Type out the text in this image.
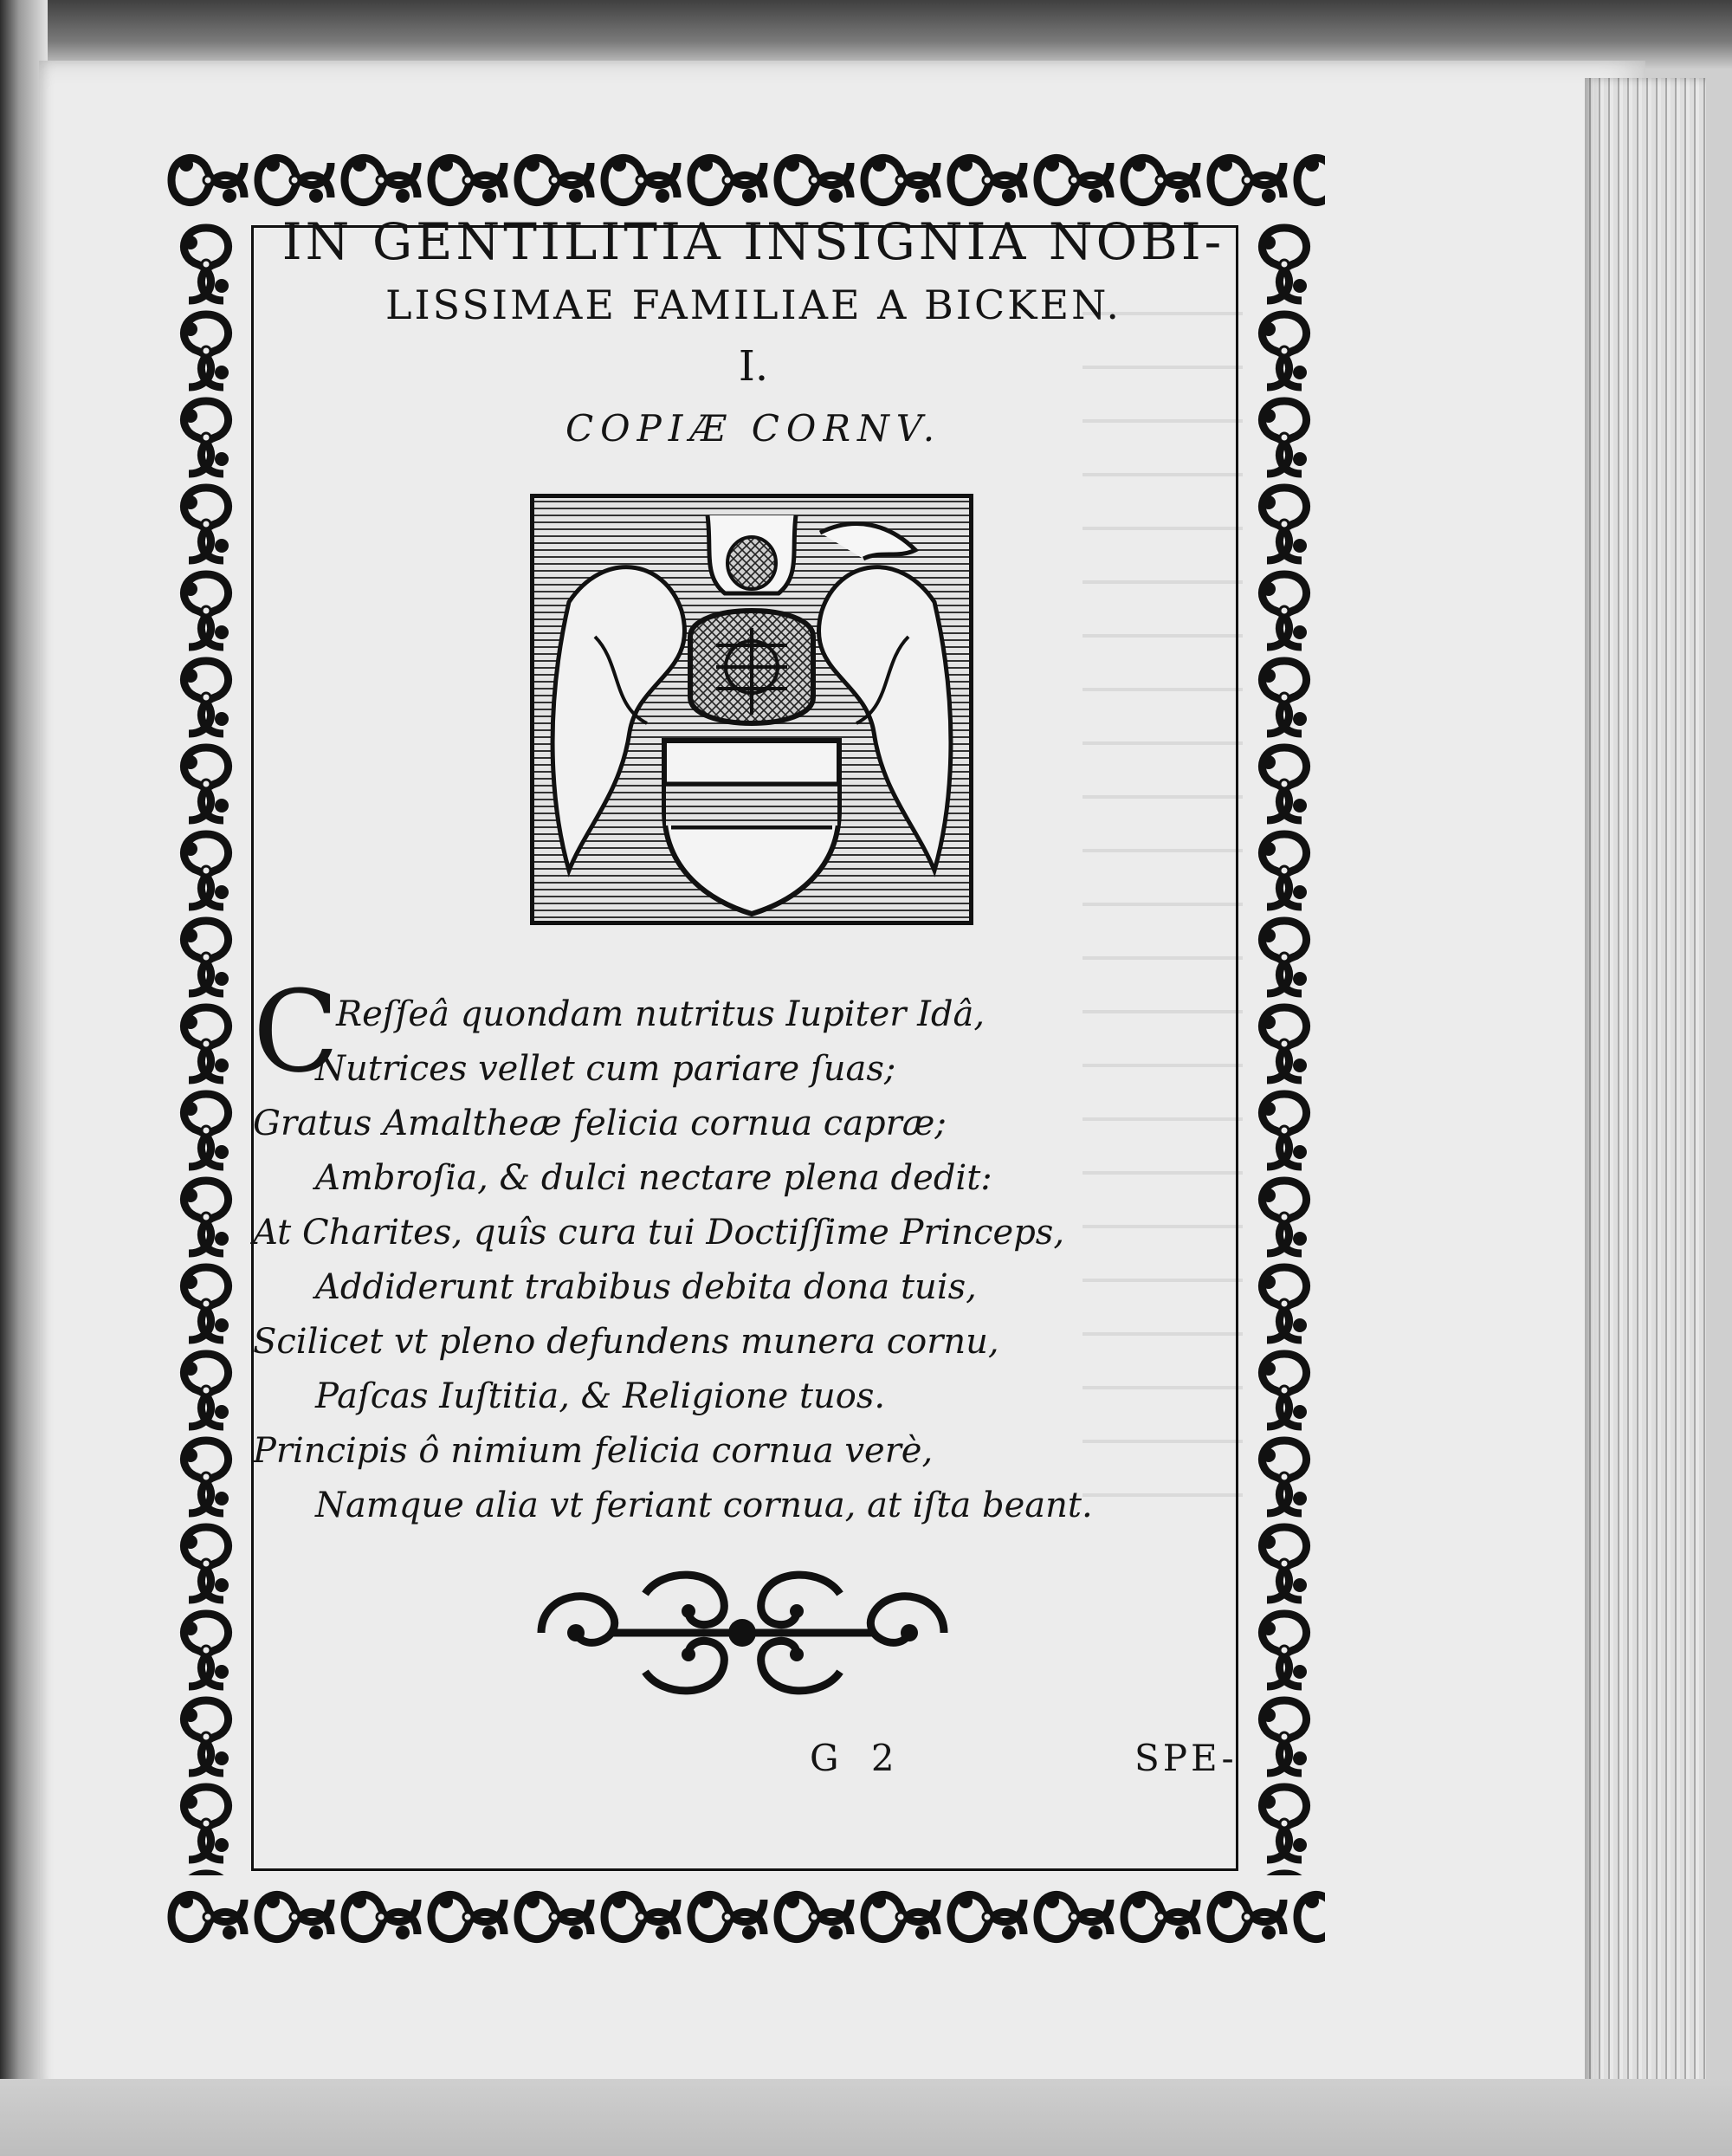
IN GENTILITIA INSIGNIA NOBI-
LISSIMAE FAMILIAE A BICKEN.
I.
COPIÆ CORNV.
C
Reſſeâ quondam nutritus Iupiter Idâ,
Nutrices vellet cum pariare ſuas;
Gratus Amaltheæ felicia cornua capræ;
Ambroſia, & dulci nectare plena dedit:
At Charites, quîs cura tui Doctiſſime Princeps,
Addiderunt trabibus debita dona tuis,
Scilicet vt pleno defundens munera cornu,
Paſcas Iuſtitia, & Religione tuos.
Principis ô nimium felicia cornua verè,
Namque alia vt feriant cornua, at iſta beant.
G 2	SPE-
